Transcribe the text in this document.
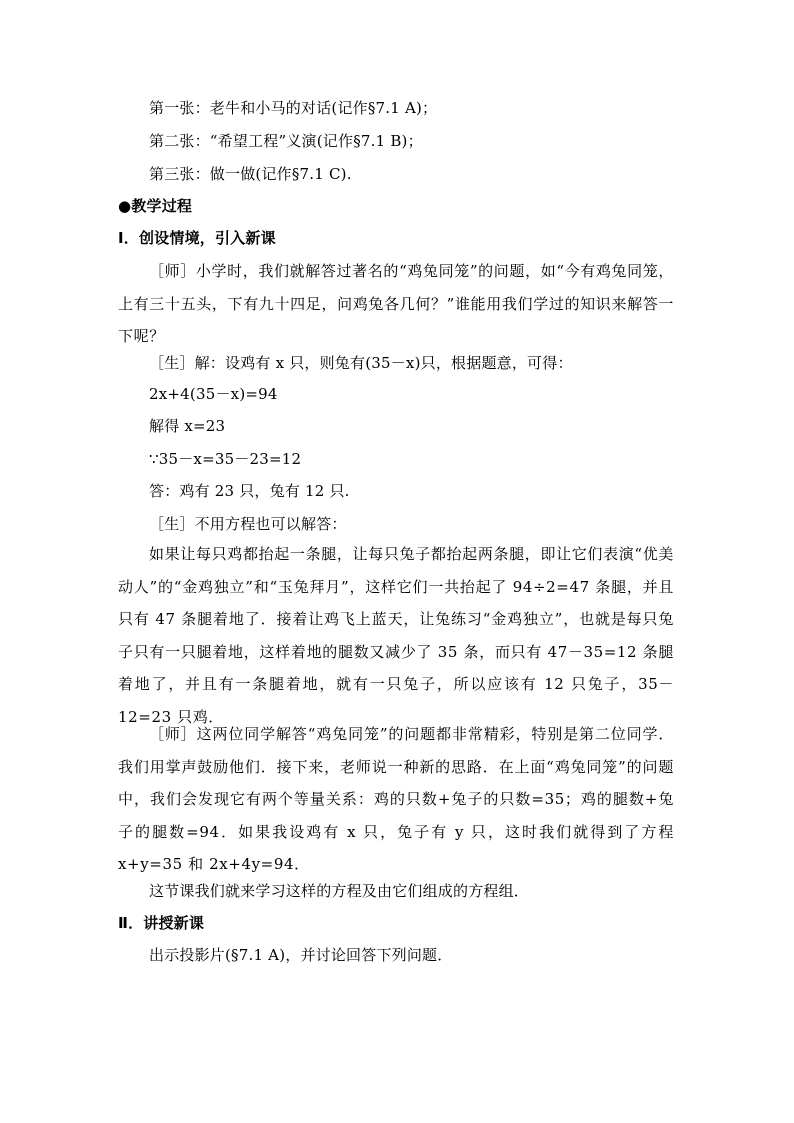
第一张：老牛和小马的对话(记作§7.1 A)；
第二张：“希望工程”义演(记作§7.1 B)；
第三张：做一做(记作§7.1 C).
●教学过程
Ⅰ．创设情境，引入新课
［师］小学时，我们就解答过著名的“鸡兔同笼”的问题，如“今有鸡兔同笼，上有三十五头，下有九十四足，问鸡兔各几何？”谁能用我们学过的知识来解答一下呢？
［生］解：设鸡有 x 只，则兔有(35－x)只，根据题意，可得：
2x+4(35－x)=94
解得 x=23
∵35－x=35－23=12
答：鸡有 23 只，兔有 12 只.
［生］不用方程也可以解答：
如果让每只鸡都抬起一条腿，让每只兔子都抬起两条腿，即让它们表演“优美动人”的“金鸡独立”和“玉兔拜月”，这样它们一共抬起了 94÷2=47 条腿，并且只有 47 条腿着地了．接着让鸡飞上蓝天，让兔练习“金鸡独立”，也就是每只兔子只有一只腿着地，这样着地的腿数又减少了 35 条，而只有 47－35=12 条腿着地了，并且有一条腿着地，就有一只兔子，所以应该有 12 只兔子，35－12=23 只鸡．
［师］这两位同学解答“鸡兔同笼”的问题都非常精彩，特别是第二位同学．我们用掌声鼓励他们．接下来，老师说一种新的思路．在上面“鸡兔同笼”的问题中，我们会发现它有两个等量关系：鸡的只数+兔子的只数=35；鸡的腿数+兔子的腿数=94．如果我设鸡有 x 只，兔子有 y 只，这时我们就得到了方程 x+y=35 和 2x+4y=94．
这节课我们就来学习这样的方程及由它们组成的方程组．
Ⅱ．讲授新课
出示投影片(§7.1 A)，并讨论回答下列问题．
